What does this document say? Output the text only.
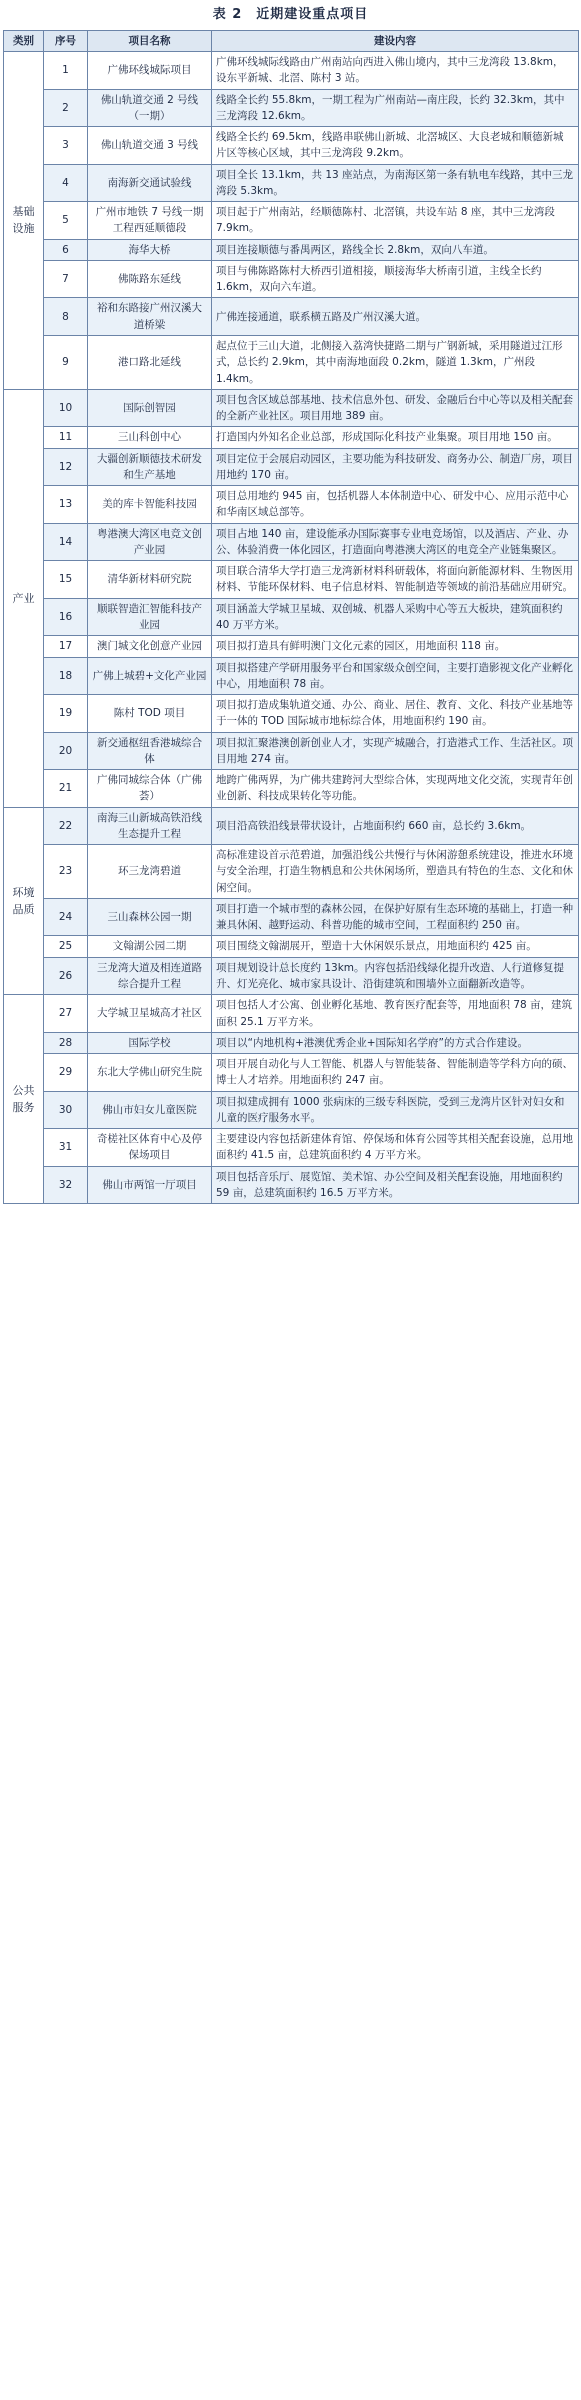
表 2　近期建设重点项目
类别	序号	项目名称	建设内容
基础设施	1	广佛环线城际项目	广佛环线城际线路由广州南站向西进入佛山境内，其中三龙湾段 13.8km，设东平新城、北滘、陈村 3 站。
	2	佛山轨道交通 2 号线（一期）	线路全长约 55.8km，一期工程为广州南站—南庄段，长约 32.3km，其中三龙湾段 12.6km。
	3	佛山轨道交通 3 号线	线路全长约 69.5km，线路串联佛山新城、北滘城区、大良老城和顺德新城片区等核心区域，其中三龙湾段 9.2km。
	4	南海新交通试验线	项目全长 13.1km，共 13 座站点，为南海区第一条有轨电车线路，其中三龙湾段 5.3km。
	5	广州市地铁 7 号线一期工程西延顺德段	项目起于广州南站，经顺德陈村、北滘镇，共设车站 8 座，其中三龙湾段 7.9km。
	6	海华大桥	项目连接顺德与番禺两区，路线全长 2.8km，双向八车道。
	7	佛陈路东延线	项目与佛陈路陈村大桥西引道相接，顺接海华大桥南引道，主线全长约 1.6km，双向六车道。
	8	裕和东路接广州汉溪大道桥梁	广佛连接通道，联系横五路及广州汉溪大道。
	9	港口路北延线	起点位于三山大道，北侧接入荔湾快捷路二期与广钢新城，采用隧道过江形式，总长约 2.9km，其中南海地面段 0.2km，隧道 1.3km，广州段 1.4km。
产业	10	国际创智园	项目包含区域总部基地、技术信息外包、研发、金融后台中心等以及相关配套的全新产业社区。项目用地 389 亩。
	11	三山科创中心	打造国内外知名企业总部，形成国际化科技产业集聚。项目用地 150 亩。
	12	大疆创新顺德技术研发和生产基地	项目定位于会展启动园区，主要功能为科技研发、商务办公、制造厂房，项目用地约 170 亩。
	13	美的库卡智能科技园	项目总用地约 945 亩，包括机器人本体制造中心、研发中心、应用示范中心和华南区域总部等。
	14	粤港澳大湾区电竞文创产业园	项目占地 140 亩，建设能承办国际赛事专业电竞场馆，以及酒店、产业、办公、体验消费一体化园区，打造面向粤港澳大湾区的电竞全产业链集聚区。
	15	清华新材料研究院	项目联合清华大学打造三龙湾新材料科研载体，将面向新能源材料、生物医用材料、节能环保材料、电子信息材料、智能制造等领域的前沿基础应用研究。
	16	顺联智造汇智能科技产业园	项目涵盖大学城卫星城、双创城、机器人采购中心等五大板块，建筑面积约 40 万平方米。
	17	澳门城文化创意产业园	项目拟打造具有鲜明澳门文化元素的园区，用地面积 118 亩。
	18	广佛上城碧+文化产业园	项目拟搭建产学研用服务平台和国家级众创空间，主要打造影视文化产业孵化中心，用地面积 78 亩。
	19	陈村 TOD 项目	项目拟打造成集轨道交通、办公、商业、居住、教育、文化、科技产业基地等于一体的 TOD 国际城市地标综合体，用地面积约 190 亩。
	20	新交通枢纽香港城综合体	项目拟汇聚港澳创新创业人才，实现产城融合，打造港式工作、生活社区。项目用地 274 亩。
	21	广佛同城综合体（广佛荟）	地跨广佛两界，为广佛共建跨河大型综合体，实现两地文化交流，实现青年创业创新、科技成果转化等功能。
环境品质	22	南海三山新城高铁沿线生态提升工程	项目沿高铁沿线景带状设计，占地面积约 660 亩，总长约 3.6km。
	23	环三龙湾碧道	高标准建设首示范碧道，加强沿线公共慢行与休闲游憩系统建设，推进水环境与安全治理，打造生物栖息和公共休闲场所，塑造具有特色的生态、文化和休闲空间。
	24	三山森林公园一期	项目打造一个城市型的森林公园，在保护好原有生态环境的基础上，打造一种兼具休闲、越野运动、科普功能的城市空间，工程面积约 250 亩。
	25	文翰湖公园二期	项目围绕文翰湖展开，塑造十大休闲娱乐景点，用地面积约 425 亩。
	26	三龙湾大道及相连道路综合提升工程	项目规划设计总长度约 13km。内容包括沿线绿化提升改造、人行道修复提升、灯光亮化、城市家具设计、沿街建筑和围墙外立面翻新改造等。
公共服务	27	大学城卫星城高才社区	项目包括人才公寓、创业孵化基地、教育医疗配套等，用地面积 78 亩，建筑面积 25.1 万平方米。
	28	国际学校	项目以“内地机构+港澳优秀企业+国际知名学府”的方式合作建设。
	29	东北大学佛山研究生院	项目开展自动化与人工智能、机器人与智能装备、智能制造等学科方向的硕、博士人才培养。用地面积约 247 亩。
	30	佛山市妇女儿童医院	项目拟建成拥有 1000 张病床的三级专科医院，受到三龙湾片区针对妇女和儿童的医疗服务水平。
	31	奇槎社区体育中心及停保场项目	主要建设内容包括新建体育馆、停保场和体育公园等其相关配套设施，总用地面积约 41.5 亩，总建筑面积约 4 万平方米。
	32	佛山市两馆一厅项目	项目包括音乐厅、展览馆、美术馆、办公空间及相关配套设施，用地面积约 59 亩，总建筑面积约 16.5 万平方米。
